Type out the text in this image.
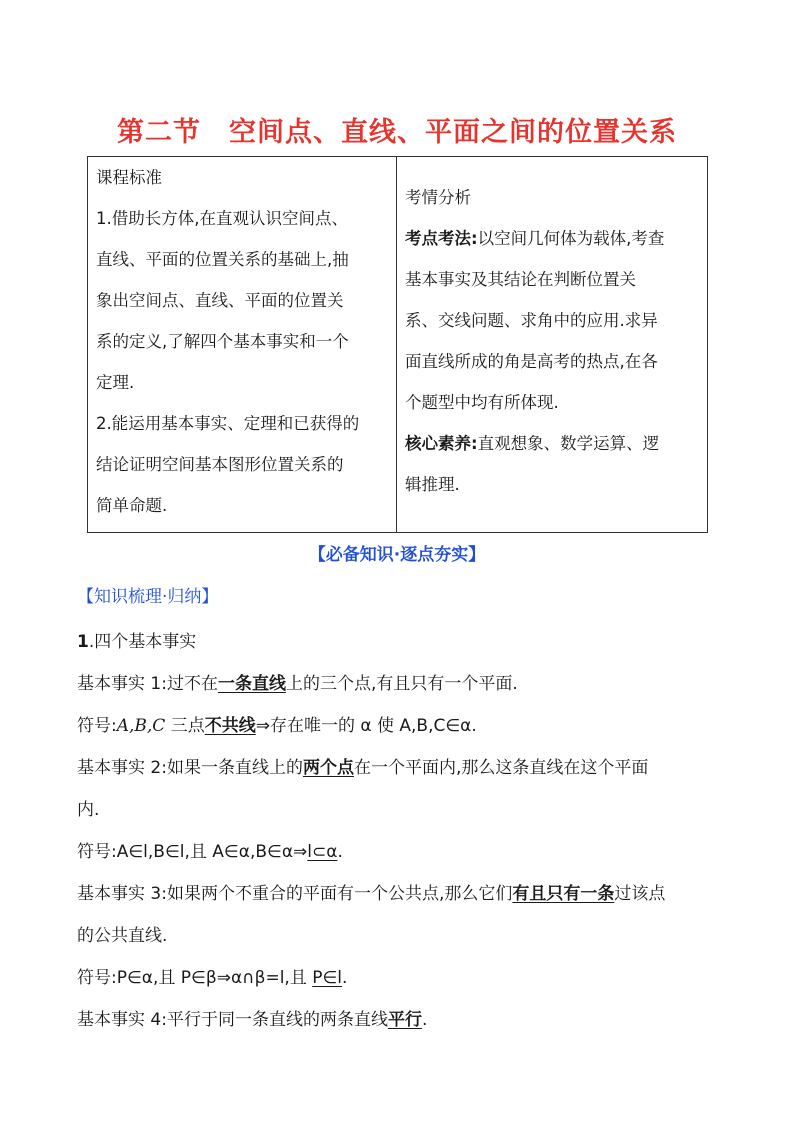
第二节　空间点、直线、平面之间的位置关系
课程标准
1.借助长方体,在直观认识空间点、
直线、平面的位置关系的基础上,抽
象出空间点、直线、平面的位置关
系的定义,了解四个基本事实和一个
定理.
2.能运用基本事实、定理和已获得的
结论证明空间基本图形位置关系的
简单命题.

考情分析
考点考法:以空间几何体为载体,考查
基本事实及其结论在判断位置关
系、交线问题、求角中的应用.求异
面直线所成的角是高考的热点,在各
个题型中均有所体现.
核心素养:直观想象、数学运算、逻
辑推理.
【必备知识·逐点夯实】
【知识梳理·归纳】
1.四个基本事实
基本事实 1:过不在一条直线上的三个点,有且只有一个平面.
符号:A,B,C 三点不共线⇒存在唯一的 α 使 A,B,C∈α.
基本事实 2:如果一条直线上的两个点在一个平面内,那么这条直线在这个平面
内.
符号:A∈l,B∈l,且 A∈α,B∈α⇒l⊂α.
基本事实 3:如果两个不重合的平面有一个公共点,那么它们有且只有一条过该点
的公共直线.
符号:P∈α,且 P∈β⇒α∩β=l,且 P∈l.
基本事实 4:平行于同一条直线的两条直线平行.
